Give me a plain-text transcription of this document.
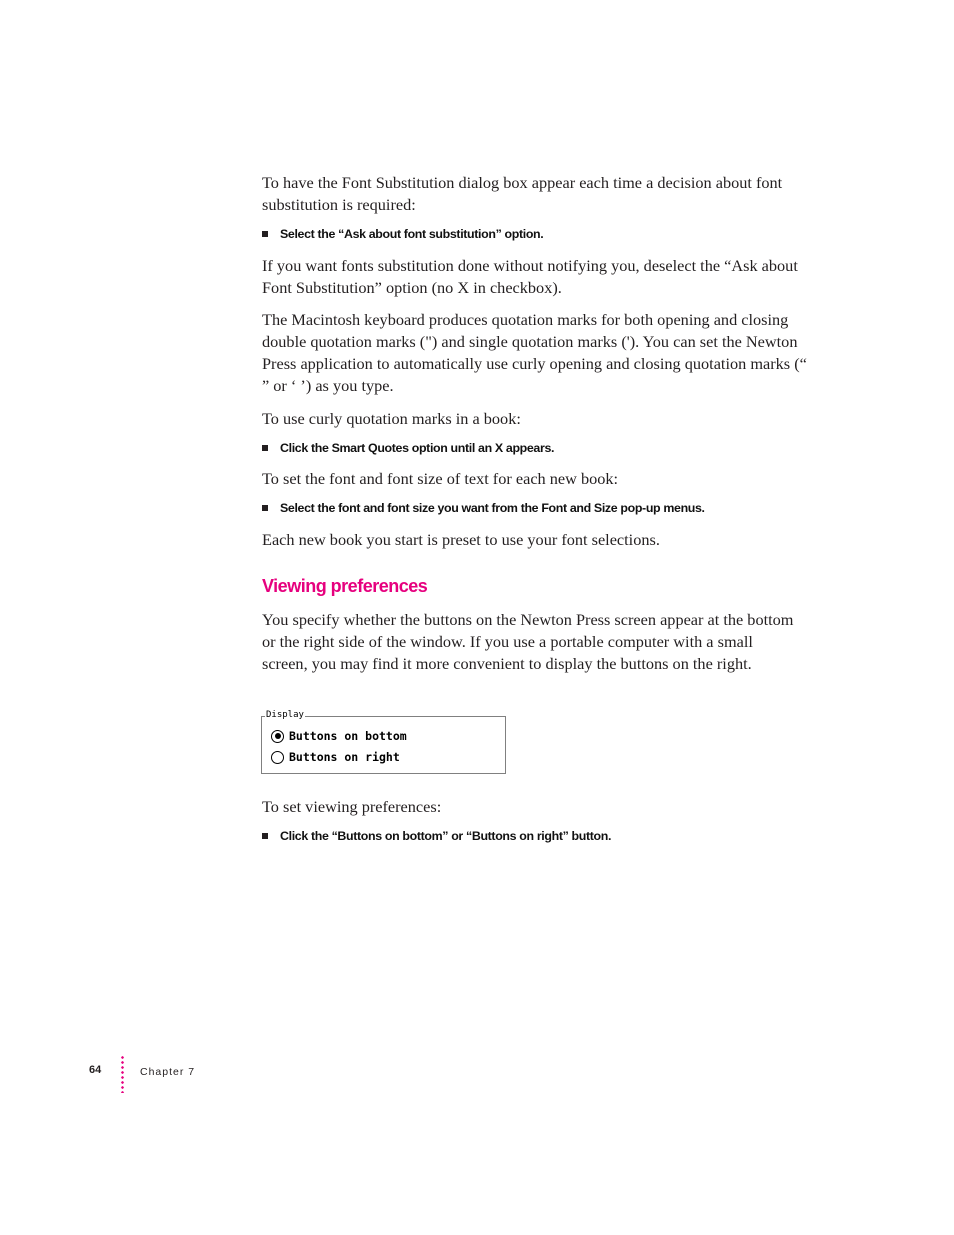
To have the Font Substitution dialog box appear each time a decision about font substitution is required:

Select the “Ask about font substitution” option.

If you want fonts substitution done without notifying you, deselect the “Ask about Font Substitution” option (no X in checkbox).

The Macintosh keyboard produces quotation marks for both opening and closing double quotation marks (") and single quotation marks ('). You can set the Newton Press application to automatically use curly opening and closing quotation marks (“ ” or ‘ ’) as you type.

To use curly quotation marks in a book:

Click the Smart Quotes option until an X appears.

To set the font and font size of text for each new book:

Select the font and font size you want from the Font and Size pop-up menus.

Each new book you start is preset to use your font selections.

Viewing preferences

You specify whether the buttons on the Newton Press screen appear at the bottom or the right side of the window. If you use a portable computer with a small screen, you may find it more convenient to display the buttons on the right.

Display
Buttons on bottom
Buttons on right

To set viewing preferences:

Click the “Buttons on bottom” or “Buttons on right” button.
64	Chapter 7
